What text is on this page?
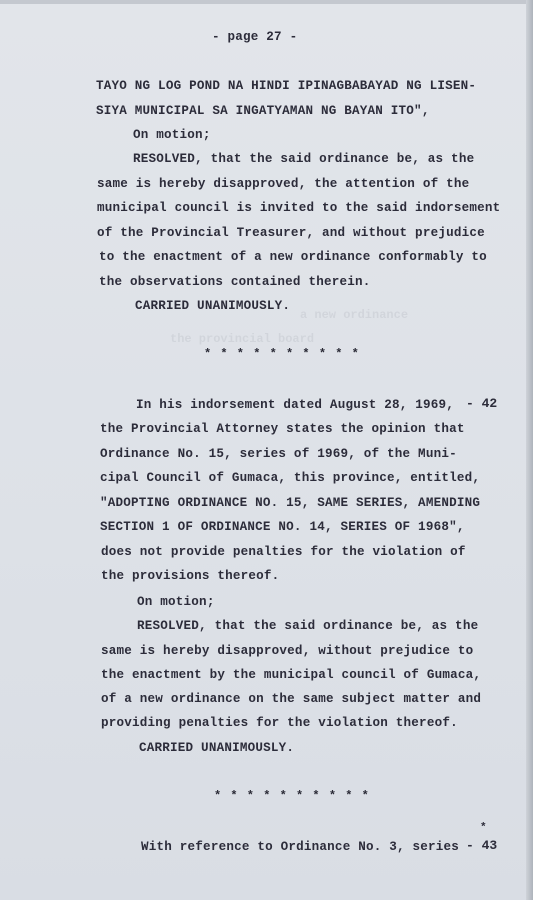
a new ordinance
the provincial board
- page 27 -
TAYO NG LOG POND NA HINDI IPINAGBABAYAD NG LISEN-
SIYA MUNICIPAL SA INGATYAMAN NG BAYAN ITO",
On motion;
RESOLVED, that the said ordinance be, as the
same is hereby disapproved, the attention of the
municipal council is invited to the said indorsement
of the Provincial Treasurer, and without prejudice
to the enactment of a new ordinance conformably to
the observations contained therein.
CARRIED UNANIMOUSLY.
* * * * * * * * * *
- 42
In his indorsement dated August 28, 1969,
the Provincial Attorney states the opinion that
Ordinance No. 15, series of 1969, of the Muni-
cipal Council of Gumaca, this province, entitled,
"ADOPTING ORDINANCE NO. 15, SAME SERIES, AMENDING
SECTION 1 OF ORDINANCE NO. 14, SERIES OF 1968",
does not provide penalties for the violation of
the provisions thereof.
On motion;
RESOLVED, that the said ordinance be, as the
same is hereby disapproved, without prejudice to
the enactment by the municipal council of Gumaca,
of a new ordinance on the same subject matter and
providing penalties for the violation thereof.
CARRIED UNANIMOUSLY.
* * * * * * * * * *
*
- 43
With reference to Ordinance No. 3, series
